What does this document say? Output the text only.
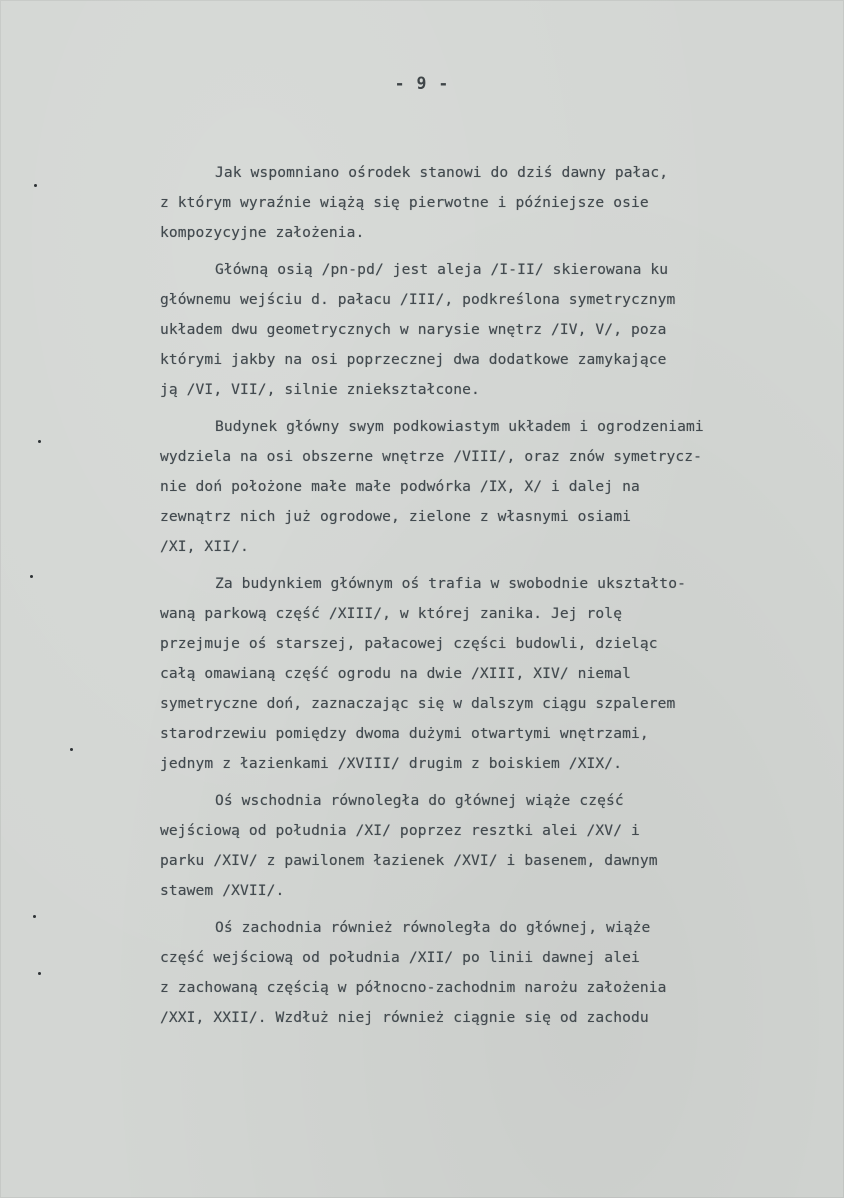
- 9 -
Jak wspomniano ośrodek stanowi do dziś dawny pałac,
z którym wyraźnie wiążą się pierwotne i późniejsze osie
kompozycyjne założenia.
Główną osią /pn-pd/ jest aleja /I-II/ skierowana ku
głównemu wejściu d. pałacu /III/, podkreślona symetrycznym
układem dwu geometrycznych w narysie wnętrz /IV, V/, poza
którymi jakby na osi poprzecznej dwa dodatkowe zamykające
ją /VI, VII/, silnie zniekształcone.
Budynek główny swym podkowiastym układem i ogrodzeniami
wydziela na osi obszerne wnętrze /VIII/, oraz znów symetrycz-
nie doń położone małe małe podwórka /IX, X/ i dalej na
zewnątrz nich już ogrodowe, zielone z własnymi osiami
/XI, XII/.
Za budynkiem głównym oś trafia w swobodnie ukształto-
waną parkową część /XIII/, w której zanika. Jej rolę
przejmuje oś starszej, pałacowej części budowli, dzieląc
całą omawianą część ogrodu na dwie /XIII, XIV/ niemal
symetryczne doń, zaznaczając się w dalszym ciągu szpalerem
starodrzewiu pomiędzy dwoma dużymi otwartymi wnętrzami,
jednym z łazienkami /XVIII/ drugim z boiskiem /XIX/.
Oś wschodnia równoległa do głównej wiąże część
wejściową od południa /XI/ poprzez resztki alei /XV/ i
parku /XIV/ z pawilonem łazienek /XVI/ i basenem, dawnym
stawem /XVII/.
Oś zachodnia również równoległa do głównej, wiąże
część wejściową od południa /XII/ po linii dawnej alei
z zachowaną częścią w północno-zachodnim narożu założenia
/XXI, XXII/. Wzdłuż niej również ciągnie się od zachodu
